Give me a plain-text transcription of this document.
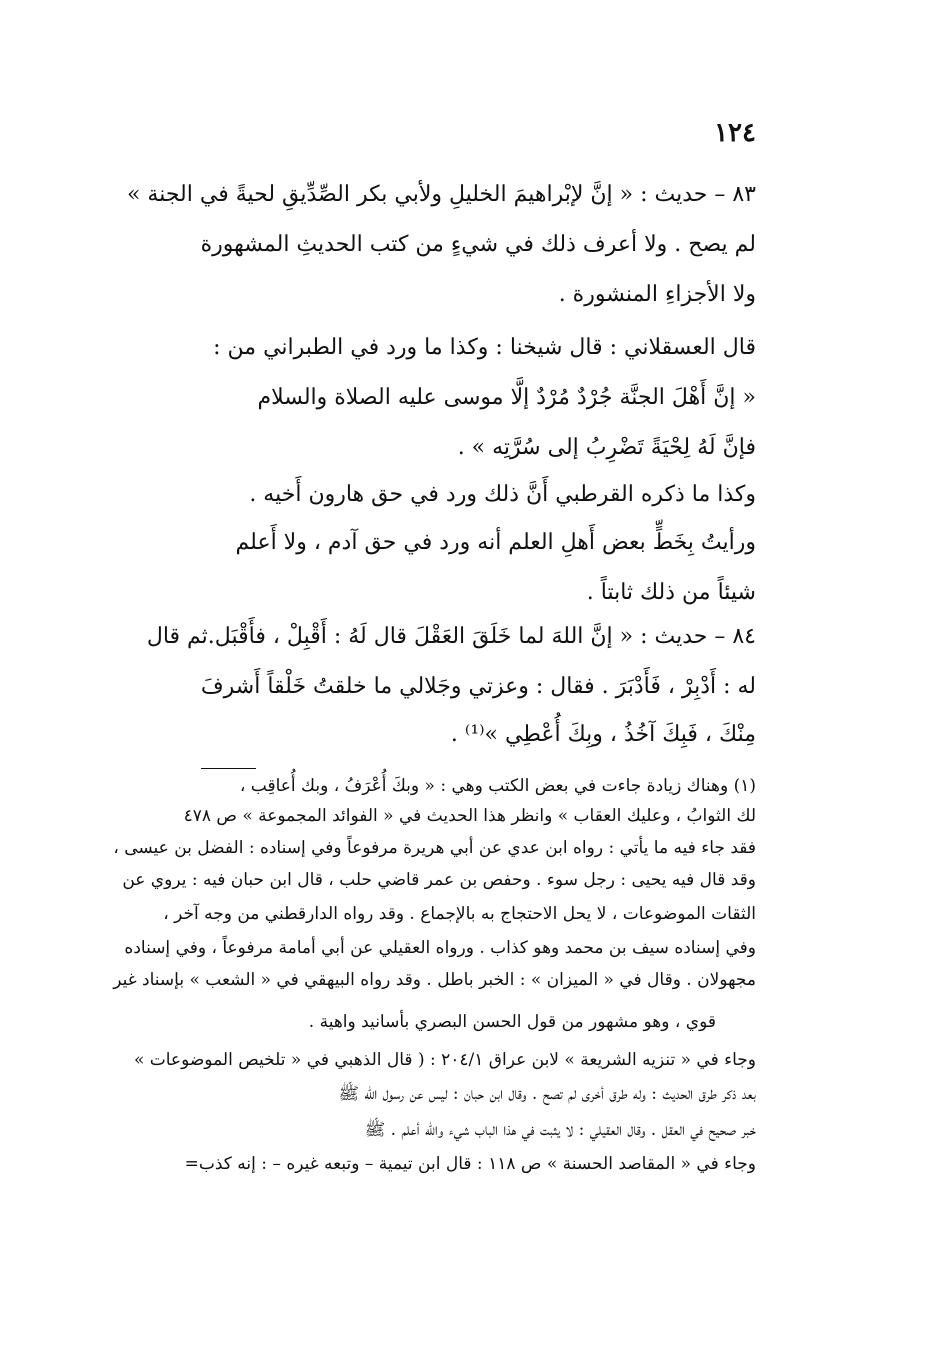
١٢٤
٨٣ – حديث : « إنَّ لإبْراهيمَ الخليلِ ولأبي بكر الصِّدِّيقِ لحيةً في الجنة »
لم يصح . ولا أعرف ذلك في شيءٍ من كتب الحديثِ المشهورة
ولا الأجزاءِ المنشورة .
قال العسقلاني : قال شيخنا : وكذا ما ورد في الطبراني من :
« إنَّ أَهْلَ الجنَّة جُرْدٌ مُرْدٌ إلَّا موسى عليه الصلاة والسلام
فإنَّ لَهُ لِحْيَةً تَضْرِبُ إلى سُرَّتِه » .
وكذا ما ذكره القرطبي أَنَّ ذلك ورد في حق هارون أَخيه .
ورأيتُ بِخَطٍّ بعض أَهلِ العلم أنه ورد في حق آدم ، ولا أَعلم
شيئاً من ذلك ثابتاً .
٨٤ – حديث : « إنَّ اللهَ لما خَلَقَ العَقْلَ قال لَهُ : أَقْبِلْ ، فأَقْبَل.ثم قال
له : أَدْبِرْ ، فَأَدْبَرَ . فقال : وعزتي وجَلالي ما خلقتُ خَلْقاً أَشرفَ
مِنْكَ ، فَبِكَ آخُذُ ، وبِكَ أُعْطِي »⁽¹⁾ .
(١) وهناك زيادة جاءت في بعض الكتب وهي : « وبكَ أُعْرَفُ ، وبك أُعاقِب ،
لك الثوابُ ، وعليك العقاب » وانظر هذا الحديث في « الفوائد المجموعة » ص ٤٧٨
فقد جاء فيه ما يأتي : رواه ابن عدي عن أبي هريرة مرفوعاً وفي إسناده : الفضل بن عيسى ،
وقد قال فيه يحيى : رجل سوء . وحفص بن عمر قاضي حلب ، قال ابن حبان فيه : يروي عن
الثقات الموضوعات ، لا يحل الاحتجاج به بالإجماع . وقد رواه الدارقطني من وجه آخر ،
وفي إسناده سيف بن محمد وهو كذاب . ورواه العقيلي عن أبي أمامة مرفوعاً ، وفي إسناده
مجهولان . وقال في « الميزان » : الخبر باطل . وقد رواه البيهقي في « الشعب » بإسناد غير
قوي ، وهو مشهور من قول الحسن البصري بأسانيد واهية .
وجاء في « تنزيه الشريعة » لابن عراق ٢٠٤/١ : ( قال الذهبي في « تلخيص الموضوعات »
بعد ذكر طرق الحديث : وله طرق أخرى لم تصح . وقال ابن حبان : ليس عن رسول الله ﷺ
خبر صحيح في العقل . وقال العقيلي : لا يثبت في هذا الباب شيء والله أعلم . ﷺ
وجاء في « المقاصد الحسنة » ص ١١٨ : قال ابن تيمية – وتبعه غيره – : إنه كذب=
